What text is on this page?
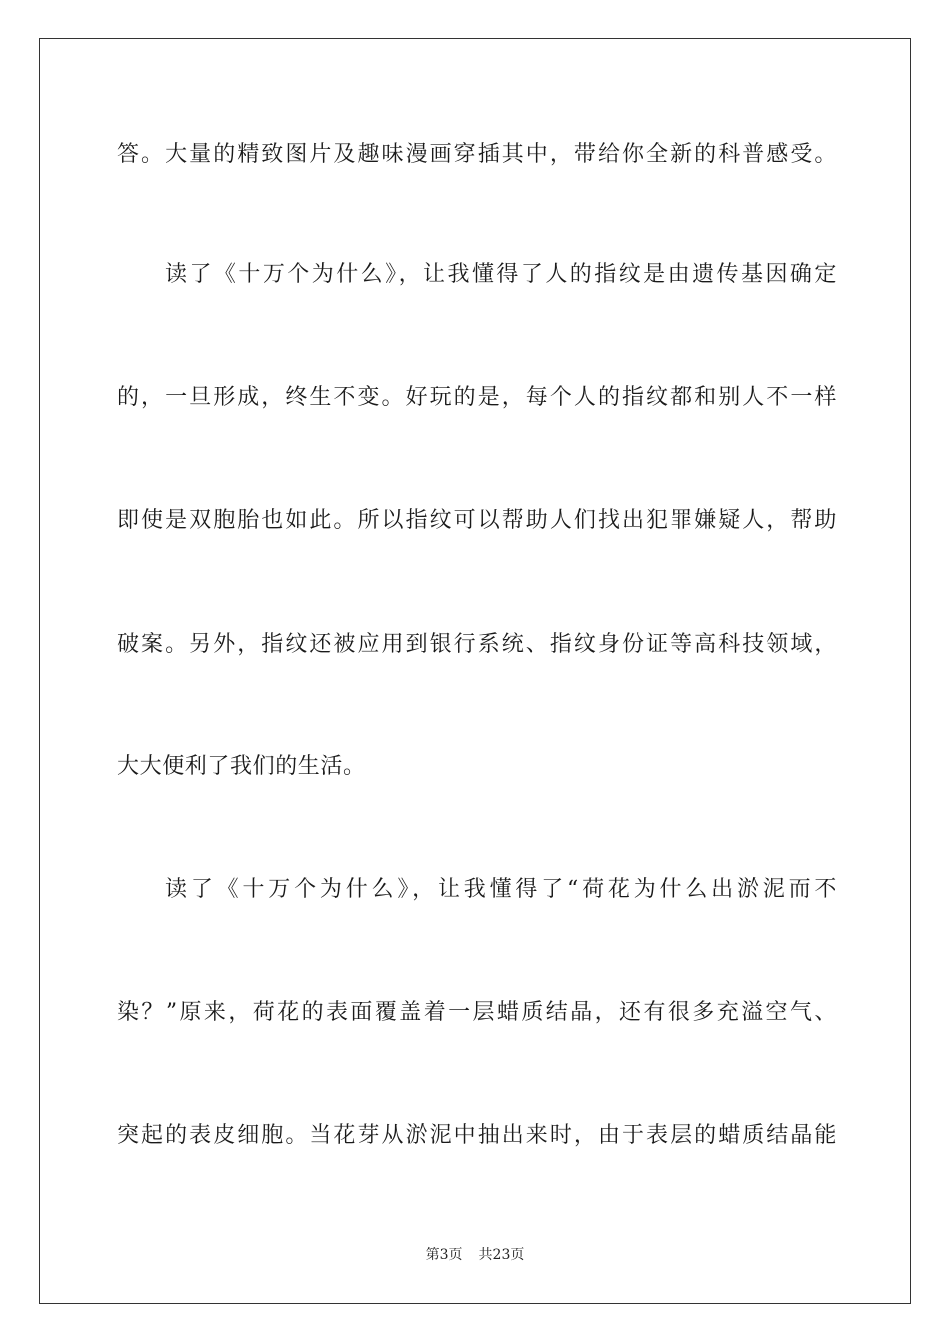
答。大量的精致图片及趣味漫画穿插其中，带给你全新的科普感受。
读了《十万个为什么》，让我懂得了人的指纹是由遗传基因确定
的，一旦形成，终生不变。好玩的是，每个人的指纹都和别人不一样
即使是双胞胎也如此。所以指纹可以帮助人们找出犯罪嫌疑人，帮助
破案。另外，指纹还被应用到银行系统、指纹身份证等高科技领域，
大大便利了我们的生活。
读了《十万个为什么》，让我懂得了“荷花为什么出淤泥而不
染？”原来，荷花的表面覆盖着一层蜡质结晶，还有很多充溢空气、
突起的表皮细胞。当花芽从淤泥中抽出来时，由于表层的蜡质结晶能
第3页 共23页
